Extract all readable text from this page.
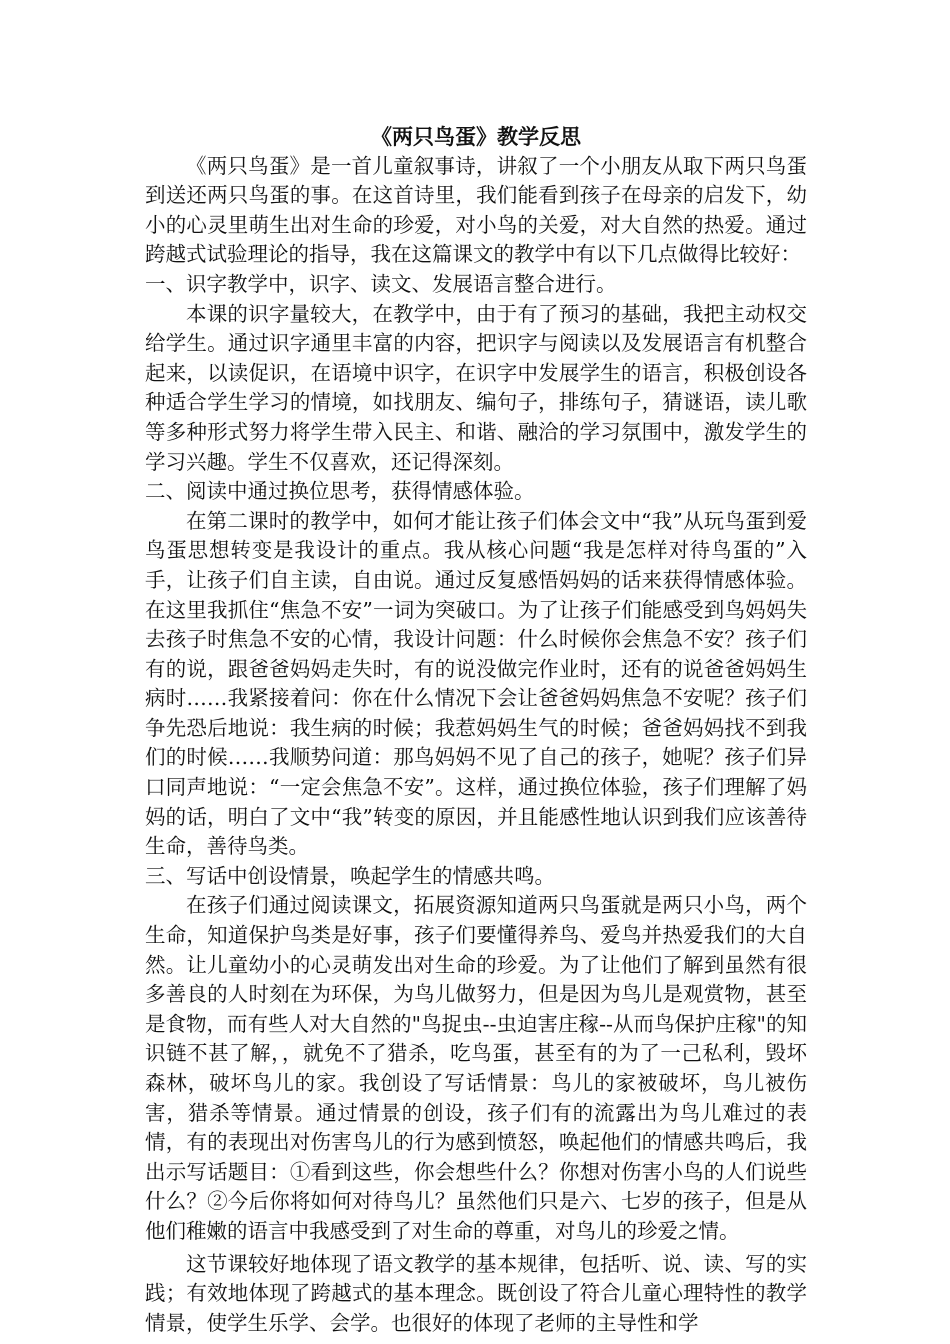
《两只鸟蛋》教学反思

《两只鸟蛋》是一首儿童叙事诗，讲叙了一个小朋友从取下两只鸟蛋到送还两只鸟蛋的事。在这首诗里，我们能看到孩子在母亲的启发下，幼小的心灵里萌生出对生命的珍爱，对小鸟的关爱，对大自然的热爱。通过跨越式试验理论的指导，我在这篇课文的教学中有以下几点做得比较好：

一、识字教学中，识字、读文、发展语言整合进行。

本课的识字量较大，在教学中，由于有了预习的基础，我把主动权交给学生。通过识字通里丰富的内容，把识字与阅读以及发展语言有机整合起来，以读促识，在语境中识字，在识字中发展学生的语言，积极创设各种适合学生学习的情境，如找朋友、编句子，排练句子，猜谜语，读儿歌等多种形式努力将学生带入民主、和谐、融洽的学习氛围中，激发学生的学习兴趣。学生不仅喜欢，还记得深刻。

二、阅读中通过换位思考，获得情感体验。

在第二课时的教学中，如何才能让孩子们体会文中“我”从玩鸟蛋到爱鸟蛋思想转变是我设计的重点。我从核心问题“我是怎样对待鸟蛋的”入手，让孩子们自主读，自由说。通过反复感悟妈妈的话来获得情感体验。在这里我抓住“焦急不安”一词为突破口。为了让孩子们能感受到鸟妈妈失去孩子时焦急不安的心情，我设计问题：什么时候你会焦急不安？孩子们有的说，跟爸爸妈妈走失时，有的说没做完作业时，还有的说爸爸妈妈生病时……我紧接着问：你在什么情况下会让爸爸妈妈焦急不安呢？孩子们争先恐后地说：我生病的时候；我惹妈妈生气的时候；爸爸妈妈找不到我们的时候……我顺势问道：那鸟妈妈不见了自己的孩子，她呢？孩子们异口同声地说：“一定会焦急不安”。这样，通过换位体验，孩子们理解了妈妈的话，明白了文中“我”转变的原因，并且能感性地认识到我们应该善待生命，善待鸟类。

三、写话中创设情景，唤起学生的情感共鸣。

在孩子们通过阅读课文，拓展资源知道两只鸟蛋就是两只小鸟，两个生命，知道保护鸟类是好事，孩子们要懂得养鸟、爱鸟并热爱我们的大自然。让儿童幼小的心灵萌发出对生命的珍爱。为了让他们了解到虽然有很多善良的人时刻在为环保，为鸟儿做努力，但是因为鸟儿是观赏物，甚至是食物，而有些人对大自然的"鸟捉虫--虫迫害庄稼--从而鸟保护庄稼"的知识链不甚了解，，就免不了猎杀，吃鸟蛋，甚至有的为了一己私利，毁坏森林，破坏鸟儿的家。我创设了写话情景：鸟儿的家被破坏，鸟儿被伤害，猎杀等情景。通过情景的创设，孩子们有的流露出为鸟儿难过的表情，有的表现出对伤害鸟儿的行为感到愤怒，唤起他们的情感共鸣后，我出示写话题目：①看到这些，你会想些什么？你想对伤害小鸟的人们说些什么？②今后你将如何对待鸟儿？虽然他们只是六、七岁的孩子，但是从他们稚嫩的语言中我感受到了对生命的尊重，对鸟儿的珍爱之情。

这节课较好地体现了语文教学的基本规律，包括听、说、读、写的实践；有效地体现了跨越式的基本理念。既创设了符合儿童心理特性的教学情景，使学生乐学、会学。也很好的体现了老师的主导性和学
